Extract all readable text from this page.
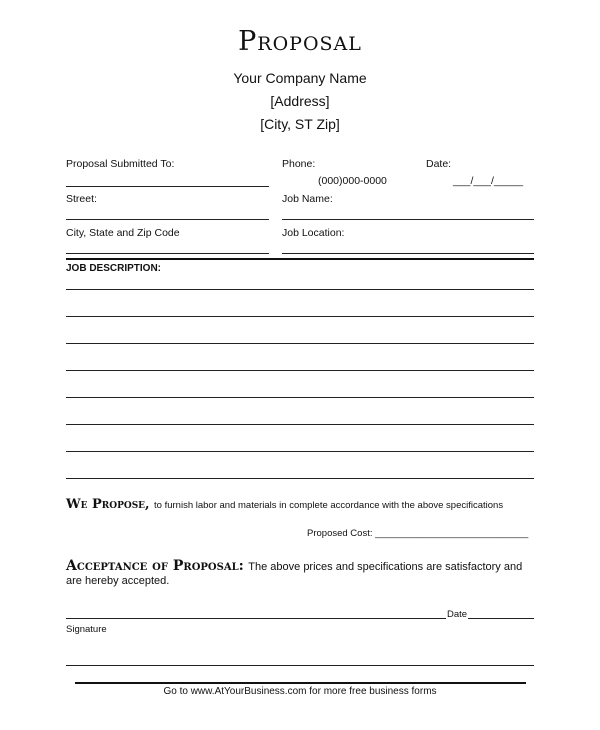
Proposal
Your Company Name
[Address]
[City, ST Zip]
Proposal Submitted To:	Phone:	Date:
(000)000-0000	___/___/_____
Street:	Job Name:
City, State and Zip Code	Job Location:
JOB DESCRIPTION:
We Propose, to furnish labor and materials in complete accordance with the above specifications
Proposed Cost: _____________________________
Acceptance of Proposal: The above prices and specifications are satisfactory and
are hereby accepted.
Date
Signature
Go to www.AtYourBusiness.com for more free business forms
